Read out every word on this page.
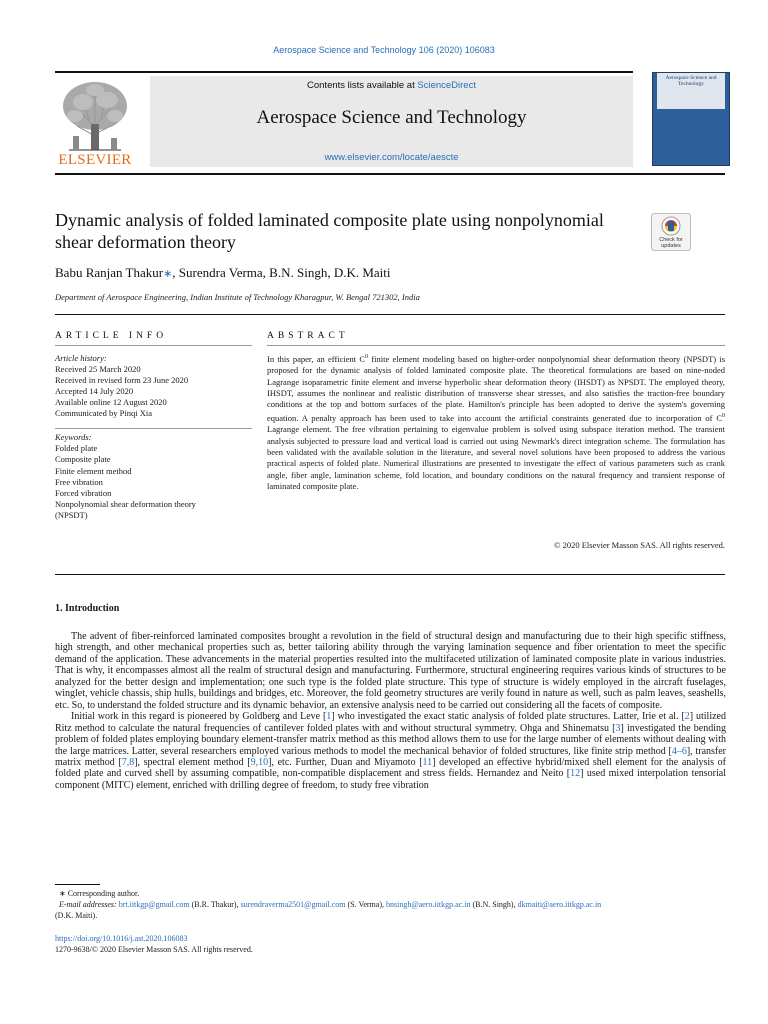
Aerospace Science and Technology 106 (2020) 106083
ELSEVIER
Contents lists available at ScienceDirect
Aerospace Science and Technology
www.elsevier.com/locate/aescte
Aerospace Science and Technology
Dynamic analysis of folded laminated composite plate using nonpolynomial shear deformation theory	Check for
updates
Babu Ranjan Thakur∗, Surendra Verma, B.N. Singh, D.K. Maiti
Department of Aerospace Engineering, Indian Institute of Technology Kharagpur, W. Bengal 721302, India
ARTICLE INFO	ABSTRACT
Article history:
Received 25 March 2020
Received in revised form 23 June 2020
Accepted 14 July 2020
Available online 12 August 2020
Communicated by Pinqi Xia
Keywords:
Folded plate
Composite plate
Finite element method
Free vibration
Forced vibration
Nonpolynomial shear deformation theory
(NPSDT)
In this paper, an efficient $C^0$ finite element modeling based on higher-order nonpolynomial shear deformation theory (NPSDT) is proposed for the dynamic analysis of folded laminated composite plate. The theoretical formulations are based on nine-noded Lagrange isoparametric finite element and inverse hyperbolic shear deformation theory (IHSDT) as NPSDT. The employed theory, IHSDT, assumes the nonlinear and realistic distribution of transverse shear stresses, and also satisfies the traction-free boundary conditions at the top and bottom surfaces of the plate. Hamilton's principle has been adopted to derive the system's governing equation. A penalty approach has been used to take into account the artificial constraints generated due to incorporation of $C^0$ Lagrange element. The free vibration pertaining to eigenvalue problem is solved using subspace iteration method. The transient analysis subjected to pressure load and vertical load is carried out using Newmark's direct integration scheme. The formulation has been validated with the available solution in the literature, and several novel solutions have been proposed to address the various practical aspects of folded plate. Numerical illustrations are presented to investigate the effect of various parameters such as crank angle, fiber angle, lamination scheme, fold location, and boundary conditions on the natural frequency and transient response of laminated composite plate.
© 2020 Elsevier Masson SAS. All rights reserved.
1. Introduction

The advent of fiber-reinforced laminated composites brought a revolution in the field of structural design and manufacturing due to their high specific stiffness, high strength, and other mechanical properties such as, better tailoring ability through the varying lamination sequence and fiber orientation to meet the specific demand of the application. These advancements in the material properties resulted into the multifaceted utilization of laminated composite plate in various industries. That is why, it encompasses almost all the realm of structural design and manufacturing. Furthermore, structural engineering requires various kinds of structures to be analyzed for the better design and implementation; one such type is the folded plate structure. This type of structure is widely employed in the aircraft fuselages, winglet, vehicle chassis, ship hulls, buildings and bridges, etc. Moreover, the fold geometry structures are verily found in nature as well, such as palm leaves, seashells, etc. So, to understand the folded structure and its dynamic behavior, an extensive analysis need to be carried out considering all the facets of composite.

Initial work in this regard is pioneered by Goldberg and Leve [1] who investigated the exact static analysis of folded plate structures. Latter, Irie et al. [2] utilized Ritz method to calculate the natural frequencies of cantilever folded plates with and without structural symmetry. Ohga and Shinematsu [3] investigated the bending problem of folded plates employing boundary element-transfer matrix method as this method allows them to use for the large number of elements without dealing with the large matrices. Latter, several researchers employed various methods to model the mechanical behavior of folded structures, like finite strip method [4–6], transfer matrix method [7,8], spectral element method [9,10], etc. Further, Duan and Miyamoto [11] developed an effective hybrid/mixed shell element for the analysis of folded plate and curved shell by assuming compatible, non-compatible displacement and stress fields. Hernandez and Neito [12] used mixed interpolation tensorial component (MITC) element, enriched with drilling degree of freedom, to study free vibration

∗ Corresponding author.
E-mail addresses: brt.iitkgp@gmail.com (B.R. Thakur), surendraverma2501@gmail.com (S. Verma), bnsingh@aero.iitkgp.ac.in (B.N. Singh), dkmaiti@aero.iitkgp.ac.in
(D.K. Maiti).
https://doi.org/10.1016/j.ast.2020.106083
1270-9638/© 2020 Elsevier Masson SAS. All rights reserved.
